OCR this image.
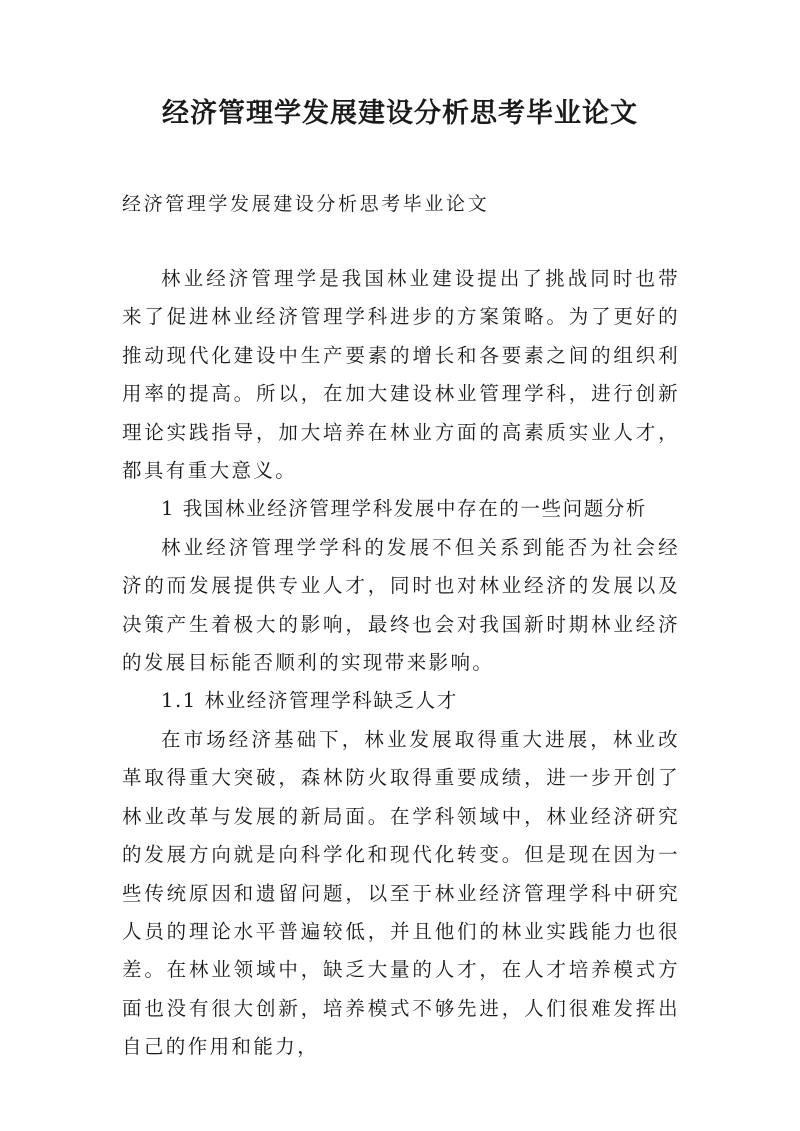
经济管理学发展建设分析思考毕业论文

经济管理学发展建设分析思考毕业论文

林业经济管理学是我国林业建设提出了挑战同时也带来了促进林业经济管理学科进步的方案策略。为了更好的推动现代化建设中生产要素的增长和各要素之间的组织利用率的提高。所以，在加大建设林业管理学科，进行创新理论实践指导，加大培养在林业方面的高素质实业人才，都具有重大意义。

1 我国林业经济管理学科发展中存在的一些问题分析

林业经济管理学学科的发展不但关系到能否为社会经济的而发展提供专业人才，同时也对林业经济的发展以及决策产生着极大的影响，最终也会对我国新时期林业经济的发展目标能否顺利的实现带来影响。

1.1 林业经济管理学科缺乏人才

在市场经济基础下，林业发展取得重大进展，林业改革取得重大突破，森林防火取得重要成绩，进一步开创了林业改革与发展的新局面。在学科领域中，林业经济研究的发展方向就是向科学化和现代化转变。但是现在因为一些传统原因和遗留问题，以至于林业经济管理学科中研究人员的理论水平普遍较低，并且他们的林业实践能力也很差。在林业领域中，缺乏大量的人才，在人才培养模式方面也没有很大创新，培养模式不够先进，人们很难发挥出自己的作用和能力，
